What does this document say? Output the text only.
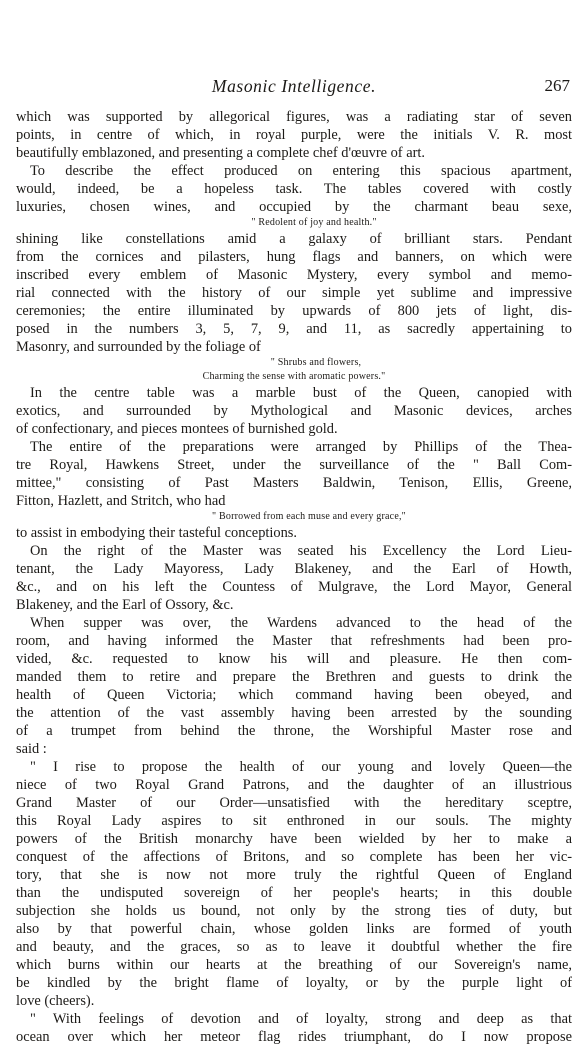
Masonic Intelligence.	267
which was supported by allegorical figures, was a radiating star of seven
points, in centre of which, in royal purple, were the initials V. R. most
beautifully emblazoned, and presenting a complete chef d'œuvre of art.
To describe the effect produced on entering this spacious apartment,
would, indeed, be a hopeless task. The tables covered with costly
luxuries, chosen wines, and occupied by the charmant beau sexe,
" Redolent of joy and health."
shining like constellations amid a galaxy of brilliant stars. Pendant
from the cornices and pilasters, hung flags and banners, on which were
inscribed every emblem of Masonic Mystery, every symbol and memo-
rial connected with the history of our simple yet sublime and impressive
ceremonies; the entire illuminated by upwards of 800 jets of light, dis-
posed in the numbers 3, 5, 7, 9, and 11, as sacredly appertaining to
Masonry, and surrounded by the foliage of
" Shrubs and flowers,
Charming the sense with aromatic powers."
In the centre table was a marble bust of the Queen, canopied with
exotics, and surrounded by Mythological and Masonic devices, arches
of confectionary, and pieces montees of burnished gold.
The entire of the preparations were arranged by Phillips of the Thea-
tre Royal, Hawkens Street, under the surveillance of the " Ball Com-
mittee," consisting of Past Masters Baldwin, Tenison, Ellis, Greene,
Fitton, Hazlett, and Stritch, who had
" Borrowed from each muse and every grace,"
to assist in embodying their tasteful conceptions.
On the right of the Master was seated his Excellency the Lord Lieu-
tenant, the Lady Mayoress, Lady Blakeney, and the Earl of Howth,
&c., and on his left the Countess of Mulgrave, the Lord Mayor, General
Blakeney, and the Earl of Ossory, &c.
When supper was over, the Wardens advanced to the head of the
room, and having informed the Master that refreshments had been pro-
vided, &c. requested to know his will and pleasure. He then com-
manded them to retire and prepare the Brethren and guests to drink the
health of Queen Victoria; which command having been obeyed, and
the attention of the vast assembly having been arrested by the sounding
of a trumpet from behind the throne, the Worshipful Master rose and
said :
" I rise to propose the health of our young and lovely Queen—the
niece of two Royal Grand Patrons, and the daughter of an illustrious
Grand Master of our Order—unsatisfied with the hereditary sceptre,
this Royal Lady aspires to sit enthroned in our souls. The mighty
powers of the British monarchy have been wielded by her to make a
conquest of the affections of Britons, and so complete has been her vic-
tory, that she is now not more truly the rightful Queen of England
than the undisputed sovereign of her people's hearts; in this double
subjection she holds us bound, not only by the strong ties of duty, but
also by that powerful chain, whose golden links are formed of youth
and beauty, and the graces, so as to leave it doubtful whether the fire
which burns within our hearts at the breathing of our Sovereign's name,
be kindled by the bright flame of loyalty, or by the purple light of
love (cheers).
" With feelings of devotion and of loyalty, strong and deep as that
ocean over which her meteor flag rides triumphant, do I now propose
